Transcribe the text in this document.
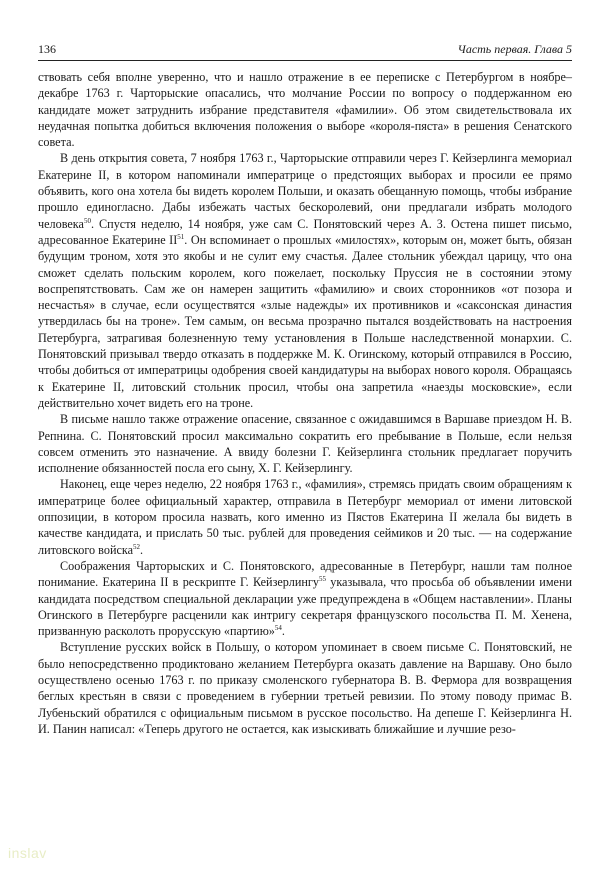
136	Часть первая. Глава 5

ствовать себя вполне уверенно, что и нашло отражение в ее переписке с Петербургом в ноябре–декабре 1763 г. Чарторыские опасались, что молчание России по вопросу о поддержанном ею кандидате может затруднить избрание представителя «фамилии». Об этом свидетельствовала их неудачная попытка добиться включения положения о выборе «короля-пяста» в решения Сенатского совета.

В день открытия совета, 7 ноября 1763 г., Чарторыские отправили через Г. Кейзерлинга мемориал Екатерине II, в котором напоминали императрице о предстоящих выборах и просили ее прямо объявить, кого она хотела бы видеть королем Польши, и оказать обещанную помощь, чтобы избрание прошло единогласно. Дабы избежать частых бескоролевий, они предлагали избрать молодого человека$^{50}$. Спустя неделю, 14 ноября, уже сам С. Понятовский через А. З. Остена пишет письмо, адресованное Екатерине II$^{51}$. Он вспоминает о прошлых «милостях», которым он, может быть, обязан будущим троном, хотя это якобы и не сулит ему счастья. Далее стольник убеждал царицу, что она сможет сделать польским королем, кого пожелает, поскольку Пруссия не в состоянии этому воспрепятствовать. Сам же он намерен защитить «фамилию» и своих сторонников «от позора и несчастья» в случае, если осуществятся «злые надежды» их противников и «саксонская династия утвердилась бы на троне». Тем самым, он весьма прозрачно пытался воздействовать на настроения Петербурга, затрагивая болезненную тему установления в Польше наследственной монархии. С. Понятовский призывал твердо отказать в поддержке М. К. Огинскому, который отправился в Россию, чтобы добиться от императрицы одобрения своей кандидатуры на выборах нового короля. Обращаясь к Екатерине II, литовский стольник просил, чтобы она запретила «наезды московские», если действительно хочет видеть его на троне.

В письме нашло также отражение опасение, связанное с ожидавшимся в Варшаве приездом Н. В. Репнина. С. Понятовский просил максимально сократить его пребывание в Польше, если нельзя совсем отменить это назначение. А ввиду болезни Г. Кейзерлинга стольник предлагает поручить исполнение обязанностей посла его сыну, Х. Г. Кейзерлингу.

Наконец, еще через неделю, 22 ноября 1763 г., «фамилия», стремясь придать своим обращениям к императрице более официальный характер, отправила в Петербург мемориал от имени литовской оппозиции, в котором просила назвать, кого именно из Пястов Екатерина II желала бы видеть в качестве кандидата, и прислать 50 тыс. рублей для проведения сеймиков и 20 тыс. — на содержание литовского войска$^{52}$.

Соображения Чарторыских и С. Понятовского, адресованные в Петербург, нашли там полное понимание. Екатерина II в рескрипте Г. Кейзерлингу$^{55}$ указывала, что просьба об объявлении имени кандидата посредством специальной декларации уже предупреждена в «Общем наставлении». Планы Огинского в Петербурге расценили как интригу секретаря французского посольства П. М. Хенена, призванную расколоть прорусскую «партию»$^{54}$.

Вступление русских войск в Польшу, о котором упоминает в своем письме С. Понятовский, не было непосредственно продиктовано желанием Петербурга оказать давление на Варшаву. Оно было осуществлено осенью 1763 г. по приказу смоленского губернатора В. В. Фермора для возвращения беглых крестьян в связи с проведением в губернии третьей ревизии. По этому поводу примас В. Лубеньский обратился с официальным письмом в русское посольство. На депеше Г. Кейзерлинга Н. И. Панин написал: «Теперь другого не остается, как изыскивать ближайшие и лучшие резо-

inslav
